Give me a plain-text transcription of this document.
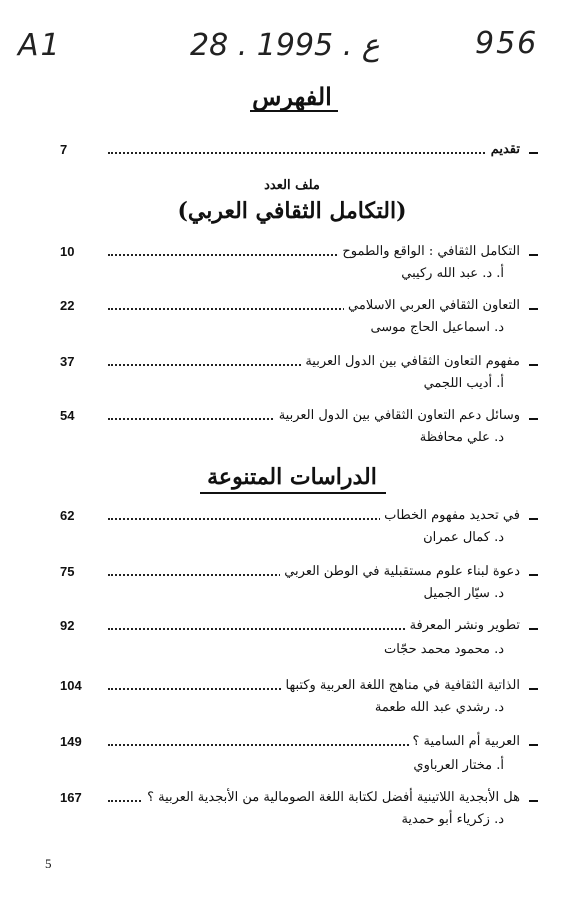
A1	28 . ع . 1995	956
الفهرس
7	تقديم
ملف العدد
(التكامل الثقافي العربي)
10	التكامل الثقافي : الواقع والطموح
أ. د. عبد الله ركيبي
22	التعاون الثقافي العربي الاسلامي
د. اسماعيل الحاج موسى
37	مفهوم التعاون الثقافي بين الدول العربية
أ. أديب اللجمي
54	وسائل دعم التعاون الثقافي بين الدول العربية
د. علي محافظة
الدراسات المتنوعة
62	في تحديد مفهوم الخطاب
د. كمال عمران
75	دعوة لبناء علوم مستقبلية في الوطن العربي
د. سيّار الجميل
92	تطوير ونشر المعرفة
د. محمود محمد حجّات
104	الذاتية الثقافية في مناهج اللغة العربية وكتبها
د. رشدي عبد الله طعمة
149	العربية أم السامية ؟
أ. مختار العرباوي
167	هل الأبجدية اللاتينية أفضل لكتابة اللغة الصومالية من الأبجدية العربية ؟
د. زكرياء أبو حمدية
5
